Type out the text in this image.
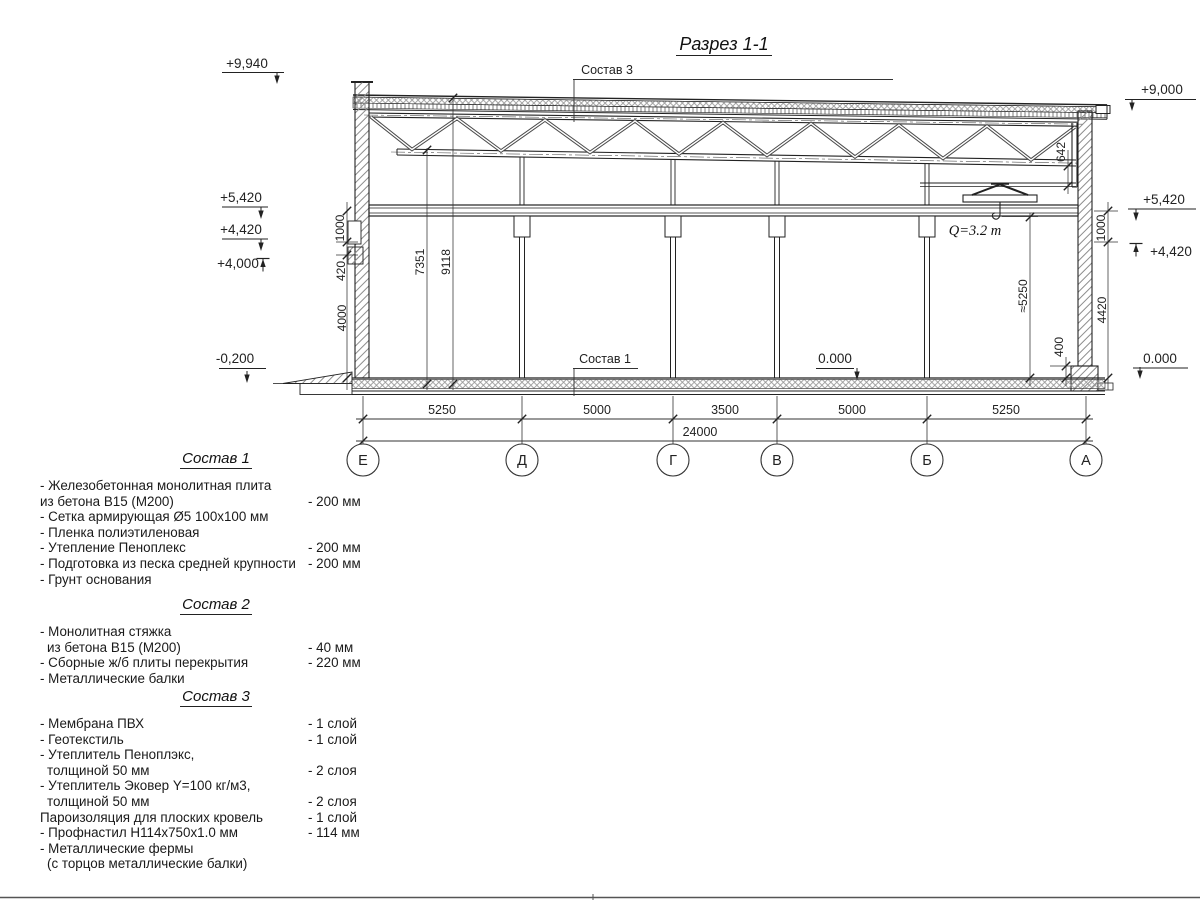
Разрез 1-1
Q=3.2 т
Состав 3
Состав 1
+9,940
+5,420
+4,420
+4,000
-0,200
+9,000
+5,420
+4,420
0.000
0.000
1000
420
4000
7351 9118
642
1000
4420
400
≈5250
5250	5000	3500	5000	5250
24000
Е	Д	Г	В	Б	А
Состав 1
- Железобетонная монолитная плита
из бетона В15 (М200)	- 200 мм
- Сетка армирующая Ø5 100х100 мм
- Пленка полиэтиленовая
- Утепление Пеноплекс	- 200 мм
- Подготовка из песка средней крупности - 200 мм
- Грунт основания
Состав 2
- Монолитная стяжка
из бетона В15 (М200)	- 40 мм
- Сборные ж/б плиты перекрытия	- 220 мм
- Металлические балки
Состав 3
- Мембрана ПВХ	- 1 слой
- Геотекстиль	- 1 слой
- Утеплитель Пеноплэкс,
толщиной 50 мм	- 2 слоя
- Утеплитель Эковер Y=100 кг/м3,
толщиной 50 мм	- 2 слоя
Пароизоляция для плоских кровель	- 1 слой
- Профнастил Н114х750х1.0 мм	- 114 мм
- Металлические фермы
(с торцов металлические балки)
